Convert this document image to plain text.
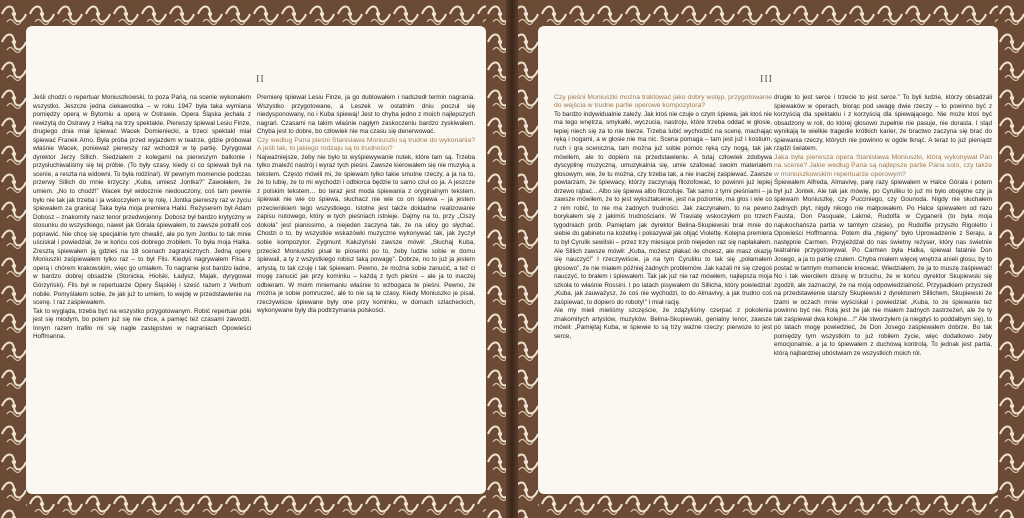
II

Jeśli chodzi o repertuar Moniuszkowski, to poza Parią, na scenie wykonałem wszystko. Jeszcze jedna ciekawostka – w roku 1947 była taka wymiana pomiędzy operą w Bytomiu a operą w Ostrawie. Opera Śląska jechała z rewizytą do Ostrawy z Halką na trzy spektakle. Pierwszy śpiewał Lesiu Finze, drugiego dnia miał śpiewać Wacek Domieniecki, a trzeci spektakl miał śpiewać Franek Arno. Była próba przed wyjazdem w teatrze, gdzie próbował właśnie Wacek, ponieważ pierwszy raz wchodził w tę partię. Dyrygował dyrektor Jerzy Sillich. Siedziałem z kolegami na pierwszym balkonie i przysłuchiwaliśmy się tej próbie. (To były czasy, kiedy ci co śpiewali byli na scenie, a reszta na widowni. To była rodzina!). W pewnym momencie podczas przerwy Sillich do mnie krzyczy: „Kuba, umiesz Jontka?” Zawołałem, że umiem. „No to chodź!” Wacek był widocznie niedouczony, coś tam pewnie było nie tak jak trzeba i ja wskoczyłem w tę rolę, i Jontka pierwszy raz w życiu śpiewałem za granicą! Taka była moja premiera Halki. Reżyserem był Adam Dobosz – znakomity nasz tenor przedwojenny. Dobosz był bardzo krytyczny w stosunku do wszystkiego, nawet jak Górala śpiewałem, to zawsze potrafił coś poprawić. Nie chcę się specjalnie tym chwalić, ale po tym Jontku to tak mnie uściskał i powiedział, że w końcu coś dobrego zrobiłem. To była moja Halka. Zresztą śpiewałem ją gdzieś na 18 scenach zagranicznych. Jedną operę Moniuszki zaśpiewałem tylko raz – to był Flis. Kiedyś nagrywałem Flisa z operą i chórem krakowskim, więc go umiałem. To nagranie jest bardzo ładne, w bardzo dobrej obsadzie (Stonicka, Hiolski, Ładysz, Majak, dyrygował Górzyński). Flis był w repertuarze Opery Śląskiej i sześć razem z Verbum nobile. Pomyślałem sobie, że jak już to umiem, to wejdę w przedstawienie na scenę. I raz zaśpiewałem.

Tak to wygląda, trzeba być na wszystko przygotowanym. Robić repertuar póki jest się młodym, bo potem już się nie chce, a pamięć też czasami zawodzi. Innym razem trafiło mi się nagłe zastępstwo w nagraniach Opowieści Hoffmanna.

Premierę śpiewał Lesiu Finze, ja go dublowałem i nadszedł termin nagrania. Wszystko przygotowane, a Leszek w ostatnim dniu poczuł się niedysponowany, no i Kuba śpiewaj! Jest to chyba jedno z moich najlepszych nagrań. Czasami na takim właśnie nagłym zaskoczeniu bardzo zyskiwałem. Chyba jest to dobre, bo człowiek nie ma czasu się denerwować.

Czy według Pana pieśni Stanisława Moniuszki są trudne do wykonania? A jeśli tak, to jakiego rodzaju są to trudności?

Najważniejsze, żeby nie było to wyśpiewywanie nutek, które tam są. Trzeba tylko znaleźć nastrój i wyraz tych pieśni. Zawsze kierowałem się nie muzyką a tekstem. Często mówili mi, że śpiewam tylko takie smutne rzeczy, a ja na to, że to lubię, że to mi wychodzi i odbiorca będzie to samo czuł co ja. A jeszcze z polskim tekstem… bo teraz jest moda śpiewania z oryginalnym tekstem, śpiewak nie wie co śpiewa, słuchacz nie wie co on śpiewa – ja jestem przeciwnikiem tego wszystkiego. Istotne jest także dokładne realizowanie zapisu nutowego, który w tych pieśniach istnieje. Dajmy na to, przy „Ciszy dokoła” jest pianissimo, a niejeden zaczyna tak, że na ulicy go słychać. Chodzi o to, by wszystkie wskazówki muzyczne wykonywać tak, jak życzył sobie kompozytor. Zygmunt Kałużyński zawsze mówił: „Słuchaj Kuba, przecież Moniuszko pisał te piosenki po to, żeby ludzie sobie w domu śpiewali, a ty z wszystkiego robisz taką powagę”. Dobrze, no to już ja jestem artystą, to tak czuję i tak śpiewam. Pewno, że można sobie zanucić, a też ci mogę zanucić jak przy kominku – każdą z tych pieśni – ale ja to inaczej odbieram. W moim mniemaniu właśnie to wzbogaca te pieśni. Pewno, że można je sobie pomruczeć, ale to nie są te czasy. Kiedy Moniuszko je pisał, rzeczywiście śpiewane były one przy kominku, w domach szlacheckich, wykonywane były dla podtrzymania polskości.

III

Czy pieśni Moniuszki można traktować jako dobry wstęp, przygotowanie do wejścia w trudne partie operowe kompozytora?

To bardzo indywidualnie zależy. Jak ktoś nie czuje o czym śpiewa, jak ktoś nie ma tego wnętrza, smykałki, wyczucia, nastroju, które trzeba oddać w głosie, lepiej niech się za to nie bierze. Trzeba lubić wychodzić na scenę, machając ręką i nogami, a w głosie nie ma nic. Scena pomaga – tam jest już i kostium, ruch i gra sceniczna, tam można już sobie pomóc ręką czy nogą, tak jak mówiłem, ale to dopiero na przedstawieniu. A tutaj człowiek zdobywa dyscyplinę muzyczną, umuzykalnia się, umie szafować swoim materiałem głosowym, wie, że tu można, czy trzeba tak, a nie inaczej zaśpiewać. Zawsze powtarzam, że śpiewacy, którzy zaczynają filozofować, to powinni już lepiej drzewo rąbać... Albo się śpiewa albo filozofuje. Tak samo z tymi pieśniami – ja zawsze mówiłem, że to jest wykształcenie, jest na poziomie, ma głos i wie co z nim robić, to nie ma żadnych trudności. Jak zaczynałem, to na pewno borykałem się z jakimiś trudnościami. W Traviatę wskoczyłem po trzech tygodniach prób. Pamiętam jak dyrektor Belina-Skupiewski brał mnie do siebie do gabinetu na kozetkę i pokazywał jak objąć Violettę. Kolejna premiera to był Cyrulik sewilski – przez trzy miesiące prób niejeden raz się napłakałem. Ale Sillich zawsze mówił: „Kuba, możesz płakać ile chcesz, ale masz okazję się nauczyć!” I rzeczywiście, ja na tym Cyruliku to tak się „połamałem głosowo”, że nie miałem później żadnych problemów. Jak kazali mi się czegoś nauczyć, to brałem i śpiewałem. Tak jak już nie raz mówiłem, najlepsza moja szkoła to właśnie Rossini. I po latach pisywałem do Sillicha, który powiedział: „Kuba, jak zauważysz, że coś nie wychodzi, to do Almavivy, a jak trudno coś zaśpiewać, to dopiero do roboty!” I miał rację.

Ale my mieli mieliśmy szczęście, że zdążyliśmy czerpać z pokolenia znakomitych artystów, muzyków. Belina-Skupiewski, genialny tenor, zawsze mówił: „Pamiętaj Kuba, w śpiewie to są trzy ważne rzeczy: pierwsze to jest serce,

drugie to jest serce i trzecie to jest serce.” To byli ludzie, którzy obsadzali śpiewaków w operach, biorąc pod uwagę dwie rzeczy – to powinno być z korzyścią dla spektaklu i z korzyścią dla śpiewającego. Nie może ktoś być obsadzony w roli, do której głosowo zupełnie nie pasuje, nie dorasta. I stąd wynikają te wielkie tragedie krótkich karier, że bractwo zaczyna się brać do śpiewania rzeczy, których nie powinno w ogóle tknąć. A teraz to już pieniądz rządzi światem.

Jaka była pierwsza opera Stanisława Moniuszki, którą wykonywał Pan na scenie? Jakie według Pana są najlepsze partie Pana solo, czy także w moniuszkowskim repertuarze operowym?

Śpiewałem Alfreda, Almavivę, parę razy śpiewałem w Halce Górala i potem był już Jontek. Ale tak jak mówię, po Cyruliku to już mi było obojętne czy ja śpiewam Moniuszkę, czy Pucciniego, czy Gounoda. Nigdy nie słuchałem żadnych płyt, nigdy nikogo nie małpowałem. Po Halce śpiewałem od razu Fausta, Don Pasquale, Lakmé, Rudolfa w Cyganerii (to była moja najukochańsza partia w tamtym czasie), po Rudolfie przyszło Rigoletto i Opowieści Hoffmanna. Potem dla „higieny” było Uprowadzenie z Seraju, a następnie Carmen. Przyjeżdżał do nas świetny reżyser, który nas świetnie teatralnie przygotowywał. Po Carmen była Halka, śpiewał fatalnie Don Josego, a ja to partię czułem. Chyba miałem więcej wnętrza anieli głosu, by to postać w tamtym momencie kreować. Wiedziałem, że ja to muszę zaśpiewać! No i tak wierciłem dziurę w brzuchu, że w końcu dyrektor Skupiewski się zgodził, ale zaznaczył, że na moją odpowiedzialność. Przypadkiem przyszedł na przedstawienie starszy Skupiewski z dyrektorem Sillichem, Skupiewski że tzami w oczach mnie wyściskał i powiedział: „Kuba, to ze śpiewanie też powinno być nie. Rolą jest że jak nie miałem żadnych zastrzeżeń, ale że ty tak zaśpiewał dwa kolejne…!” Ale stworzyłem (a niegdyś to poddałbym się), to po latach mogę powiedzieć, że Don Josego zaśpiewałem dobrze. Bo tak pomiędzy tym wszystkim to już robiłem życie, więc dodatkowo żeby emocjonalnie, a ja to śpiewałem z duchową kontrolą. To jednak jest partia, którą najbardziej ubóstwiam ze wszystkich moich ról.
